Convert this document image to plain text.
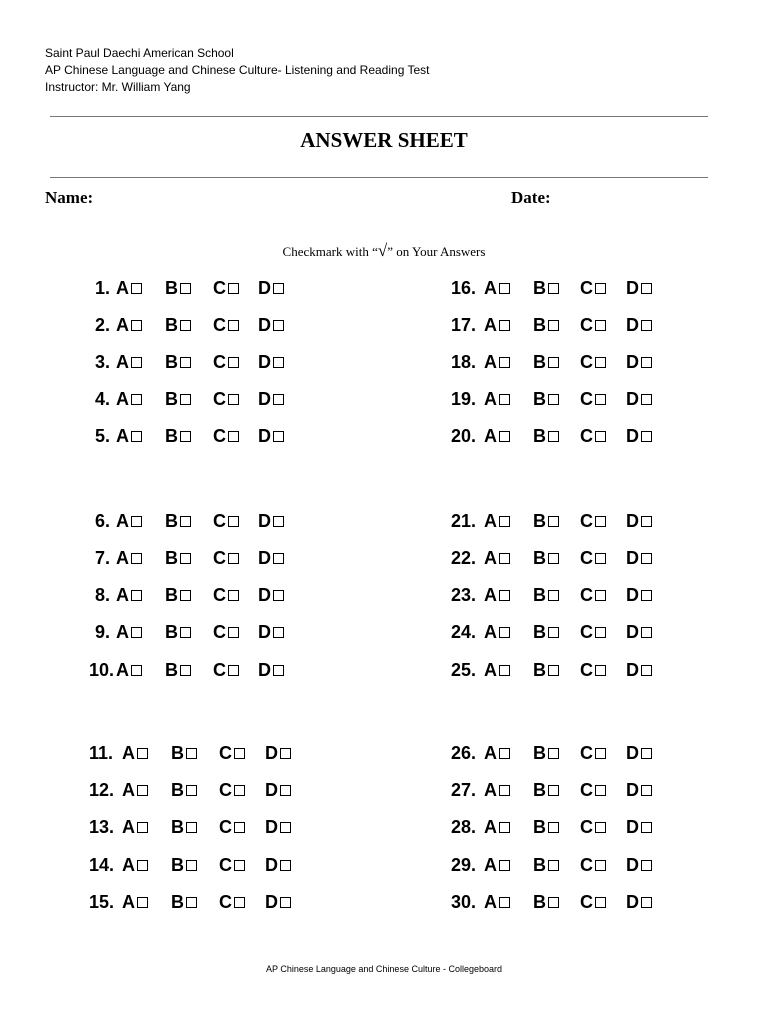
Saint Paul Daechi American School
AP Chinese Language and Chinese Culture- Listening and Reading Test
Instructor: Mr. William Yang
ANSWER SHEET
Name:	Date:
Checkmark with “√” on Your Answers
1. A	B	C	D
2. A	B	C	D
3. A	B	C	D
4. A	B	C	D
5. A	B	C	D
6. A	B	C	D
7. A	B	C	D
8. A	B	C	D
9. A	B	C	D
10. A	B	C	D
11. A	B	C	D
12. A	B	C	D
13. A	B	C	D
14. A	B	C	D
15. A	B	C	D
16. A	B	C	D
17. A	B	C	D
18. A	B	C	D
19. A	B	C	D
20. A	B	C	D
21. A	B	C	D
22. A	B	C	D
23. A	B	C	D
24. A	B	C	D
25. A	B	C	D
26. A	B	C	D
27. A	B	C	D
28. A	B	C	D
29. A	B	C	D
30. A	B	C	D
AP Chinese Language and Chinese Culture - Collegeboard
